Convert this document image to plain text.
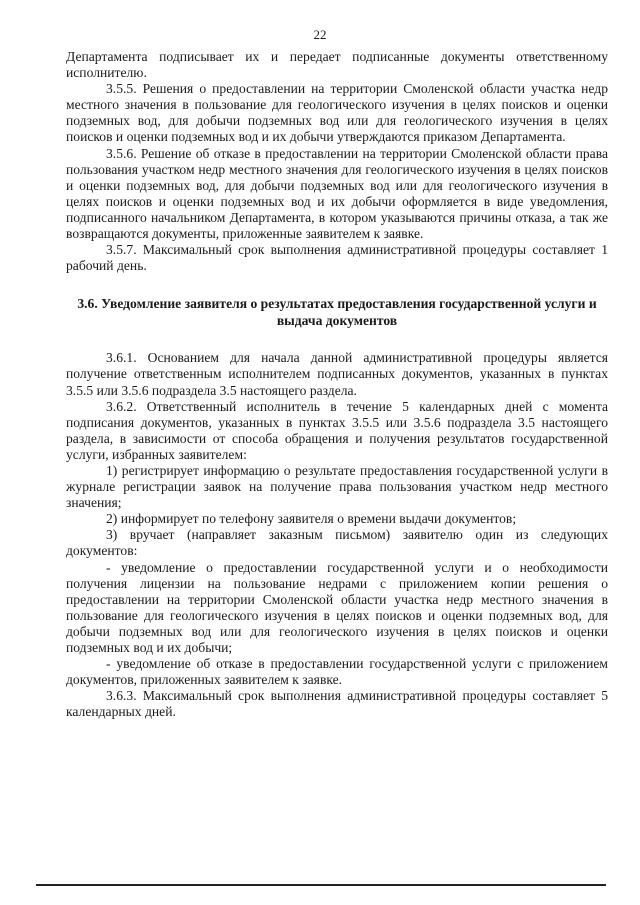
22

Департамента подписывает их и передает подписанные документы ответственному исполнителю.

3.5.5. Решения о предоставлении на территории Смоленской области участка недр местного значения в пользование для геологического изучения в целях поисков и оценки подземных вод, для добычи подземных вод или для геологического изучения в целях поисков и оценки подземных вод и их добычи утверждаются приказом Департамента.

3.5.6. Решение об отказе в предоставлении на территории Смоленской области права пользования участком недр местного значения для геологического изучения в целях поисков и оценки подземных вод, для добычи подземных вод или для геологического изучения в целях поисков и оценки подземных вод и их добычи оформляется в виде уведомления, подписанного начальником Департамента, в котором указываются причины отказа, а так же возвращаются документы, приложенные заявителем к заявке.

3.5.7. Максимальный срок выполнения административной процедуры составляет 1 рабочий день.

3.6. Уведомление заявителя о результатах предоставления государственной услуги и выдача документов

3.6.1. Основанием для начала данной административной процедуры является получение ответственным исполнителем подписанных документов, указанных в пунктах 3.5.5 или 3.5.6 подраздела 3.5 настоящего раздела.

3.6.2. Ответственный исполнитель в течение 5 календарных дней с момента подписания документов, указанных в пунктах 3.5.5 или 3.5.6 подраздела 3.5 настоящего раздела, в зависимости от способа обращения и получения результатов государственной услуги, избранных заявителем:

1) регистрирует информацию о результате предоставления государственной услуги в журнале регистрации заявок на получение права пользования участком недр местного значения;

2) информирует по телефону заявителя о времени выдачи документов;

3) вручает (направляет заказным письмом) заявителю один из следующих документов:

- уведомление о предоставлении государственной услуги и о необходимости получения лицензии на пользование недрами с приложением копии решения о предоставлении на территории Смоленской области участка недр местного значения в пользование для геологического изучения в целях поисков и оценки подземных вод, для добычи подземных вод или для геологического изучения в целях поисков и оценки подземных вод и их добычи;

- уведомление об отказе в предоставлении государственной услуги с приложением документов, приложенных заявителем к заявке.

3.6.3. Максимальный срок выполнения административной процедуры составляет 5 календарных дней.
